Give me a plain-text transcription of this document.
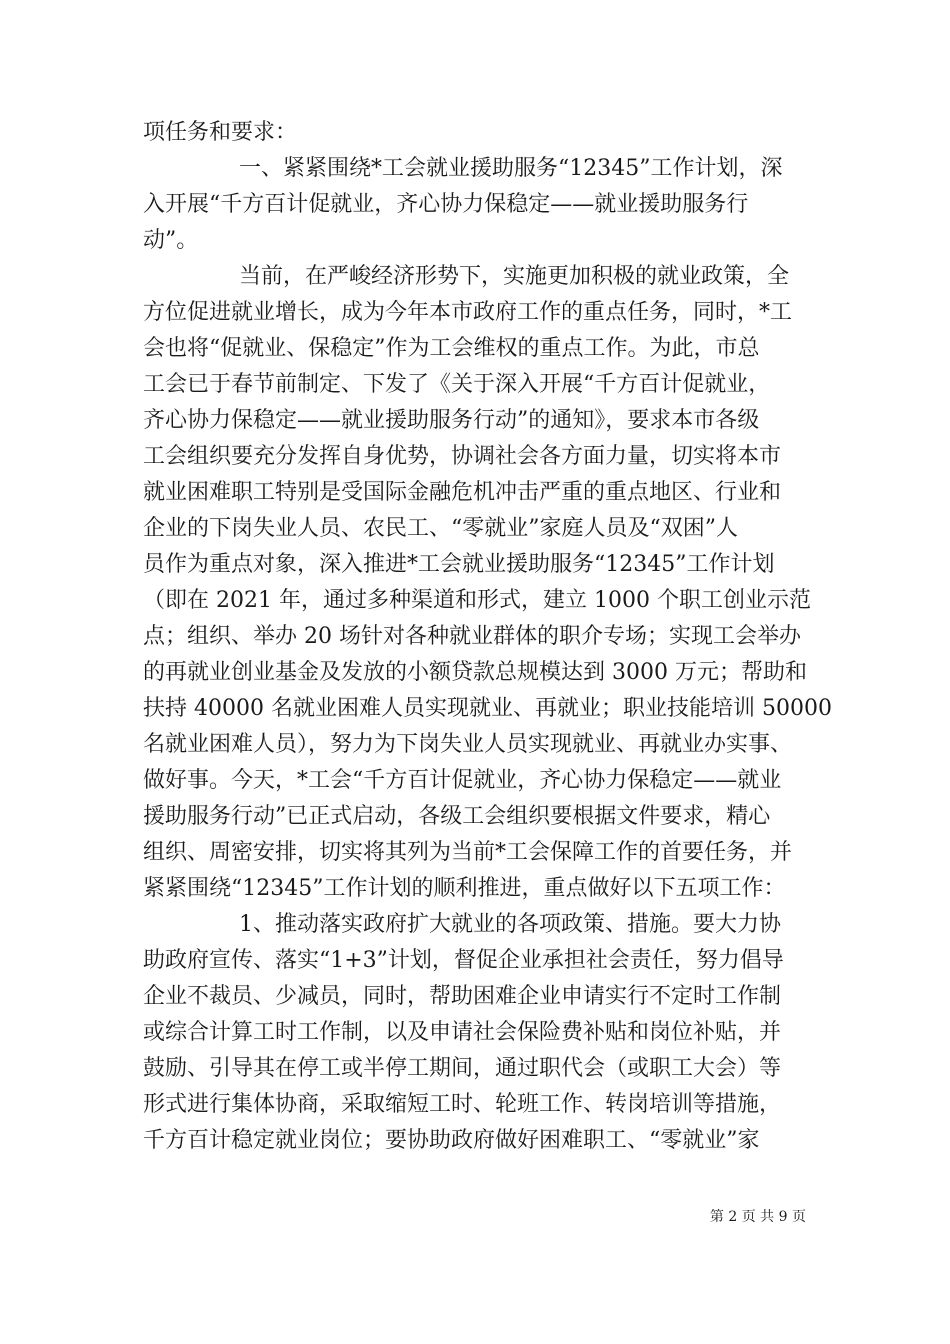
项任务和要求：
一、紧紧围绕*工会就业援助服务“12345”工作计划，深
入开展“千方百计促就业，齐心协力保稳定——就业援助服务行
动”。
当前，在严峻经济形势下，实施更加积极的就业政策，全
方位促进就业增长，成为今年本市政府工作的重点任务，同时，*工
会也将“促就业、保稳定”作为工会维权的重点工作。为此，市总
工会已于春节前制定、下发了《关于深入开展“千方百计促就业，
齐心协力保稳定——就业援助服务行动”的通知》，要求本市各级
工会组织要充分发挥自身优势，协调社会各方面力量，切实将本市
就业困难职工特别是受国际金融危机冲击严重的重点地区、行业和
企业的下岗失业人员、农民工、“零就业”家庭人员及“双困”人
员作为重点对象，深入推进*工会就业援助服务“12345”工作计划
（即在 2021 年，通过多种渠道和形式，建立 1000 个职工创业示范
点；组织、举办 20 场针对各种就业群体的职介专场；实现工会举办
的再就业创业基金及发放的小额贷款总规模达到 3000 万元；帮助和
扶持 40000 名就业困难人员实现就业、再就业；职业技能培训 50000
名就业困难人员），努力为下岗失业人员实现就业、再就业办实事、
做好事。今天，*工会“千方百计促就业，齐心协力保稳定——就业
援助服务行动”已正式启动，各级工会组织要根据文件要求，精心
组织、周密安排，切实将其列为当前*工会保障工作的首要任务，并
紧紧围绕“12345”工作计划的顺利推进，重点做好以下五项工作：
1、推动落实政府扩大就业的各项政策、措施。要大力协
助政府宣传、落实“1+3”计划，督促企业承担社会责任，努力倡导
企业不裁员、少减员，同时，帮助困难企业申请实行不定时工作制
或综合计算工时工作制，以及申请社会保险费补贴和岗位补贴，并
鼓励、引导其在停工或半停工期间，通过职代会（或职工大会）等
形式进行集体协商，采取缩短工时、轮班工作、转岗培训等措施，
千方百计稳定就业岗位；要协助政府做好困难职工、“零就业”家
第 2 页 共 9 页
